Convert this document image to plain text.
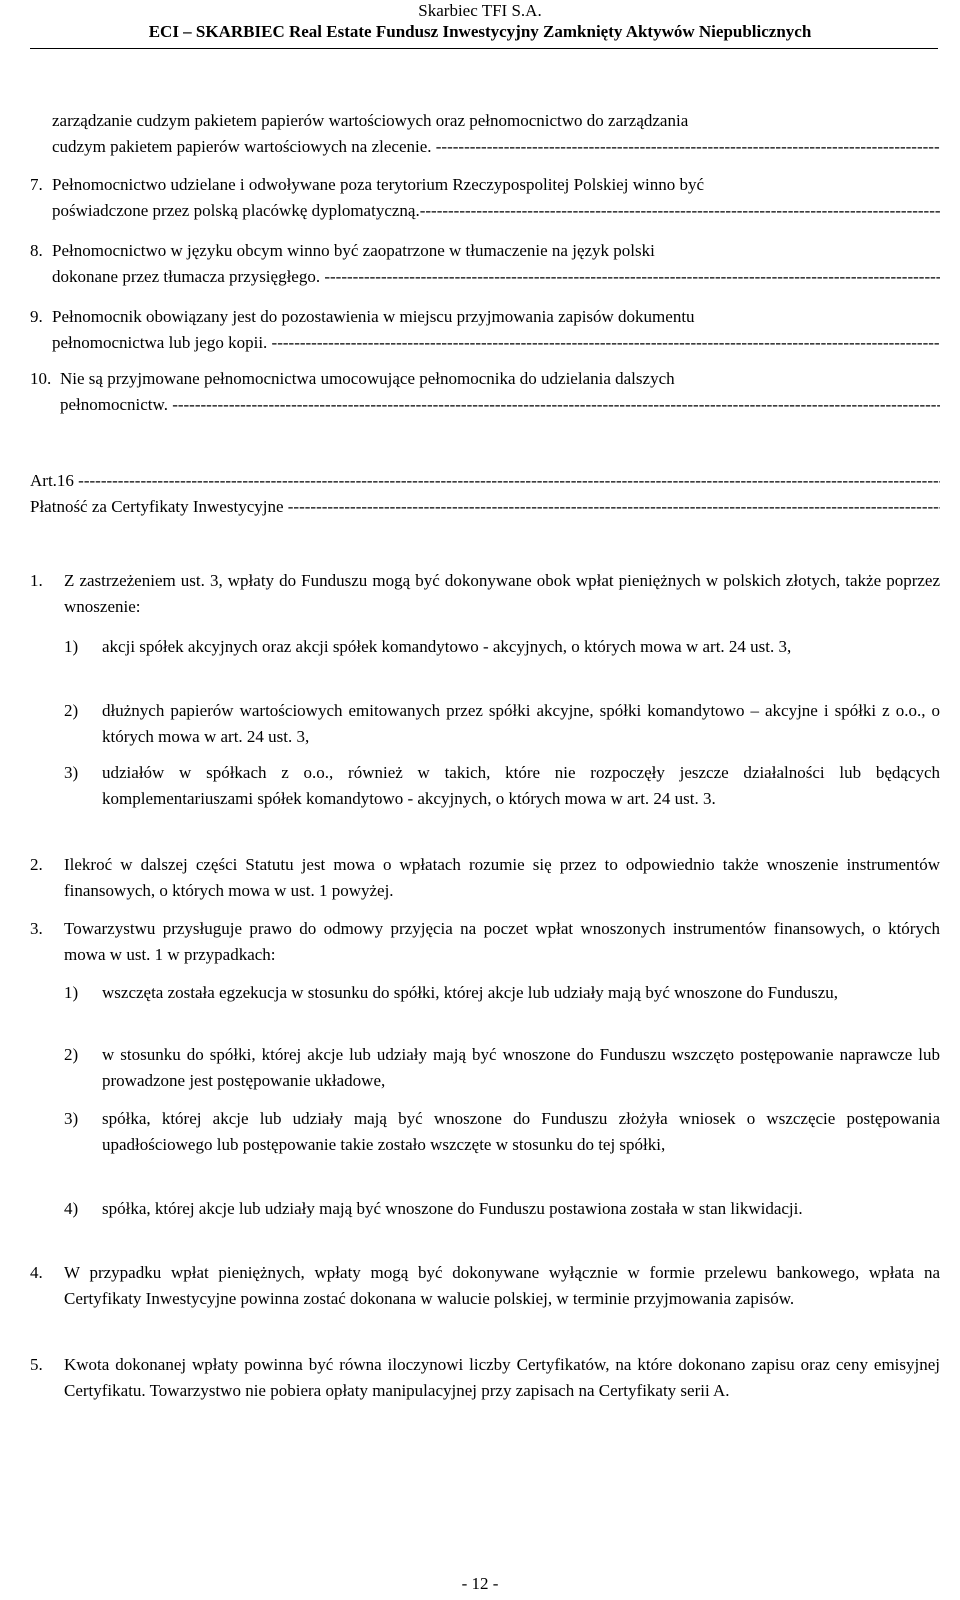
Skarbiec TFI S.A.
ECI – SKARBIEC Real Estate Fundusz Inwestycyjny Zamknięty Aktywów Niepublicznych
zarządzanie cudzym pakietem papierów wartościowych oraz pełnomocnictwo do zarządzania
cudzym pakietem papierów wartościowych na zlecenie.

-----
7. Pełnomocnictwo udzielane i odwoływane poza terytorium Rzeczypospolitej Polskiej winno być
poświadczone przez polską placówkę dyplomatyczną.
-----
8. Pełnomocnictwo w języku obcym winno być zaopatrzone w tłumaczenie na język polski
dokonane przez tłumacza przysięgłego.

-----
9. Pełnomocnik obowiązany jest do pozostawienia w miejscu przyjmowania zapisów dokumentu
pełnomocnictwa lub jego kopii.

-----
10. Nie są przyjmowane pełnomocnictwa umocowujące pełnomocnika do udzielania dalszych
pełnomocnictw.

-----
Art.16

-----
Płatność za Certyfikaty Inwestycyjne

-----
1. Z zastrzeżeniem ust. 3, wpłaty do Funduszu mogą być dokonywane obok wpłat pieniężnych w polskich złotych, także poprzez wnoszenie:
1) akcji spółek akcyjnych oraz akcji spółek komandytowo - akcyjnych, o których mowa w art. 24 ust. 3,
2) dłużnych papierów wartościowych emitowanych przez spółki akcyjne, spółki komandytowo – akcyjne i spółki z o.o., o których mowa w art. 24 ust. 3,
3) udziałów w spółkach z o.o., również w takich, które nie rozpoczęły jeszcze działalności lub będących komplementariuszami spółek komandytowo - akcyjnych, o których mowa w art. 24 ust. 3.
2. Ilekroć w dalszej części Statutu jest mowa o wpłatach rozumie się przez to odpowiednio także wnoszenie instrumentów finansowych, o których mowa w ust. 1 powyżej.
3. Towarzystwu przysługuje prawo do odmowy przyjęcia na poczet wpłat wnoszonych instrumentów finansowych, o których mowa w ust. 1 w przypadkach:
1) wszczęta została egzekucja w stosunku do spółki, której akcje lub udziały mają być wnoszone do Funduszu,
2) w stosunku do spółki, której akcje lub udziały mają być wnoszone do Funduszu wszczęto postępowanie naprawcze lub prowadzone jest postępowanie układowe,
3) spółka, której akcje lub udziały mają być wnoszone do Funduszu złożyła wniosek o wszczęcie postępowania upadłościowego lub postępowanie takie zostało wszczęte w stosunku do tej spółki,
4) spółka, której akcje lub udziały mają być wnoszone do Funduszu postawiona została w stan likwidacji.
4. W przypadku wpłat pieniężnych, wpłaty mogą być dokonywane wyłącznie w formie przelewu bankowego, wpłata na Certyfikaty Inwestycyjne powinna zostać dokonana w walucie polskiej, w terminie przyjmowania zapisów.
5. Kwota dokonanej wpłaty powinna być równa iloczynowi liczby Certyfikatów, na które dokonano zapisu oraz ceny emisyjnej Certyfikatu. Towarzystwo nie pobiera opłaty manipulacyjnej przy zapisach na Certyfikaty serii A.
- 12 -
